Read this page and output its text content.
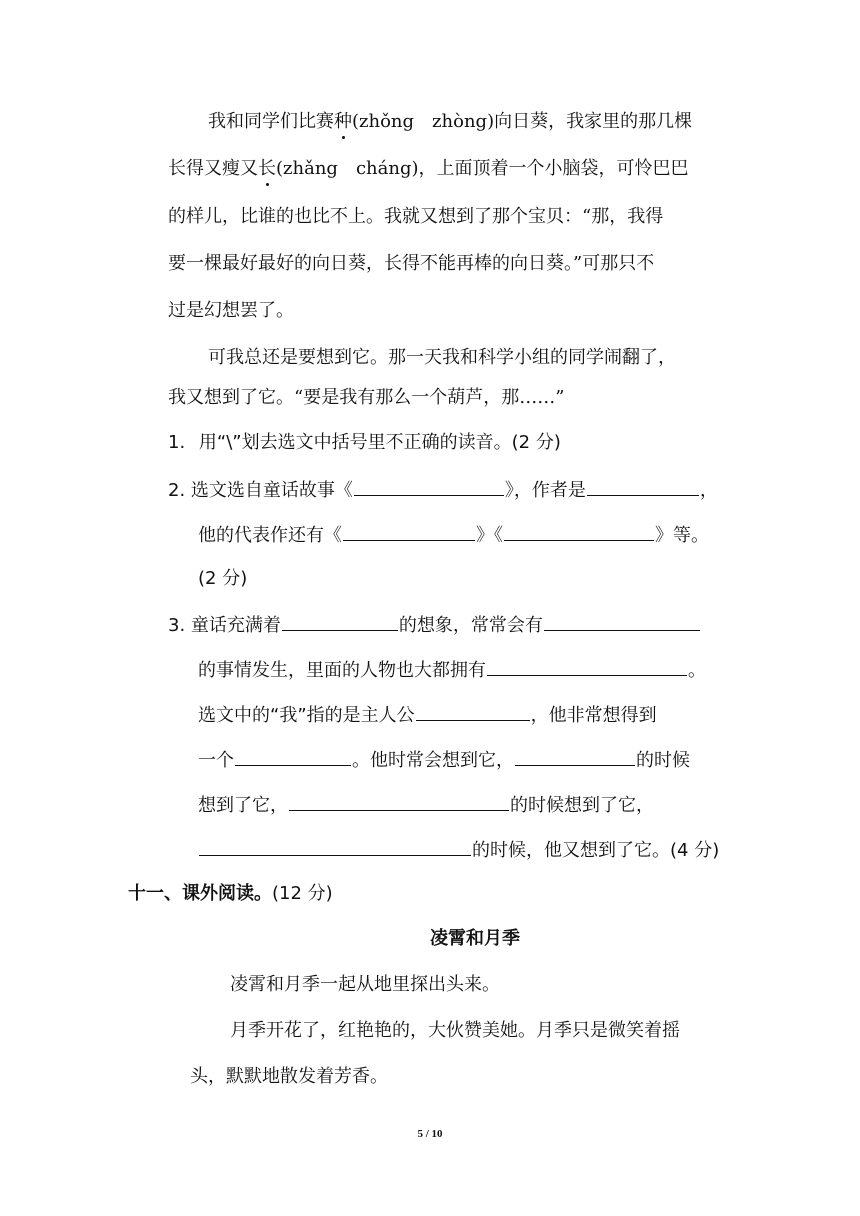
我和同学们比赛种(zhǒng　zhòng)向日葵，我家里的那几棵
长得又瘦又长(zhǎng　cháng)，上面顶着一个小脑袋，可怜巴巴
的样儿，比谁的也比不上。我就又想到了那个宝贝：“那，我得
要一棵最好最好的向日葵，长得不能再棒的向日葵。”可那只不
过是幻想罢了。
可我总还是要想到它。那一天我和科学小组的同学闹翻了，
我又想到了它。“要是我有那么一个葫芦，那……”
1. 用“\”划去选文中括号里不正确的读音。(2 分)
2. 选文选自童话故事《	》，作者是	，
他的代表作还有《	》《	》等。
(2 分)
3. 童话充满着	的想象，常常会有
的事情发生，里面的人物也大都拥有	。
选文中的“我”指的是主人公	，他非常想得到
一个	。他时常会想到它，	的时候
想到了它，	的时候想到了它，
的时候，他又想到了它。(4 分)
十一、课外阅读。(12 分)
凌霄和月季
凌霄和月季一起从地里探出头来。
月季开花了，红艳艳的，大伙赞美她。月季只是微笑着摇
头，默默地散发着芳香。
5 / 10
